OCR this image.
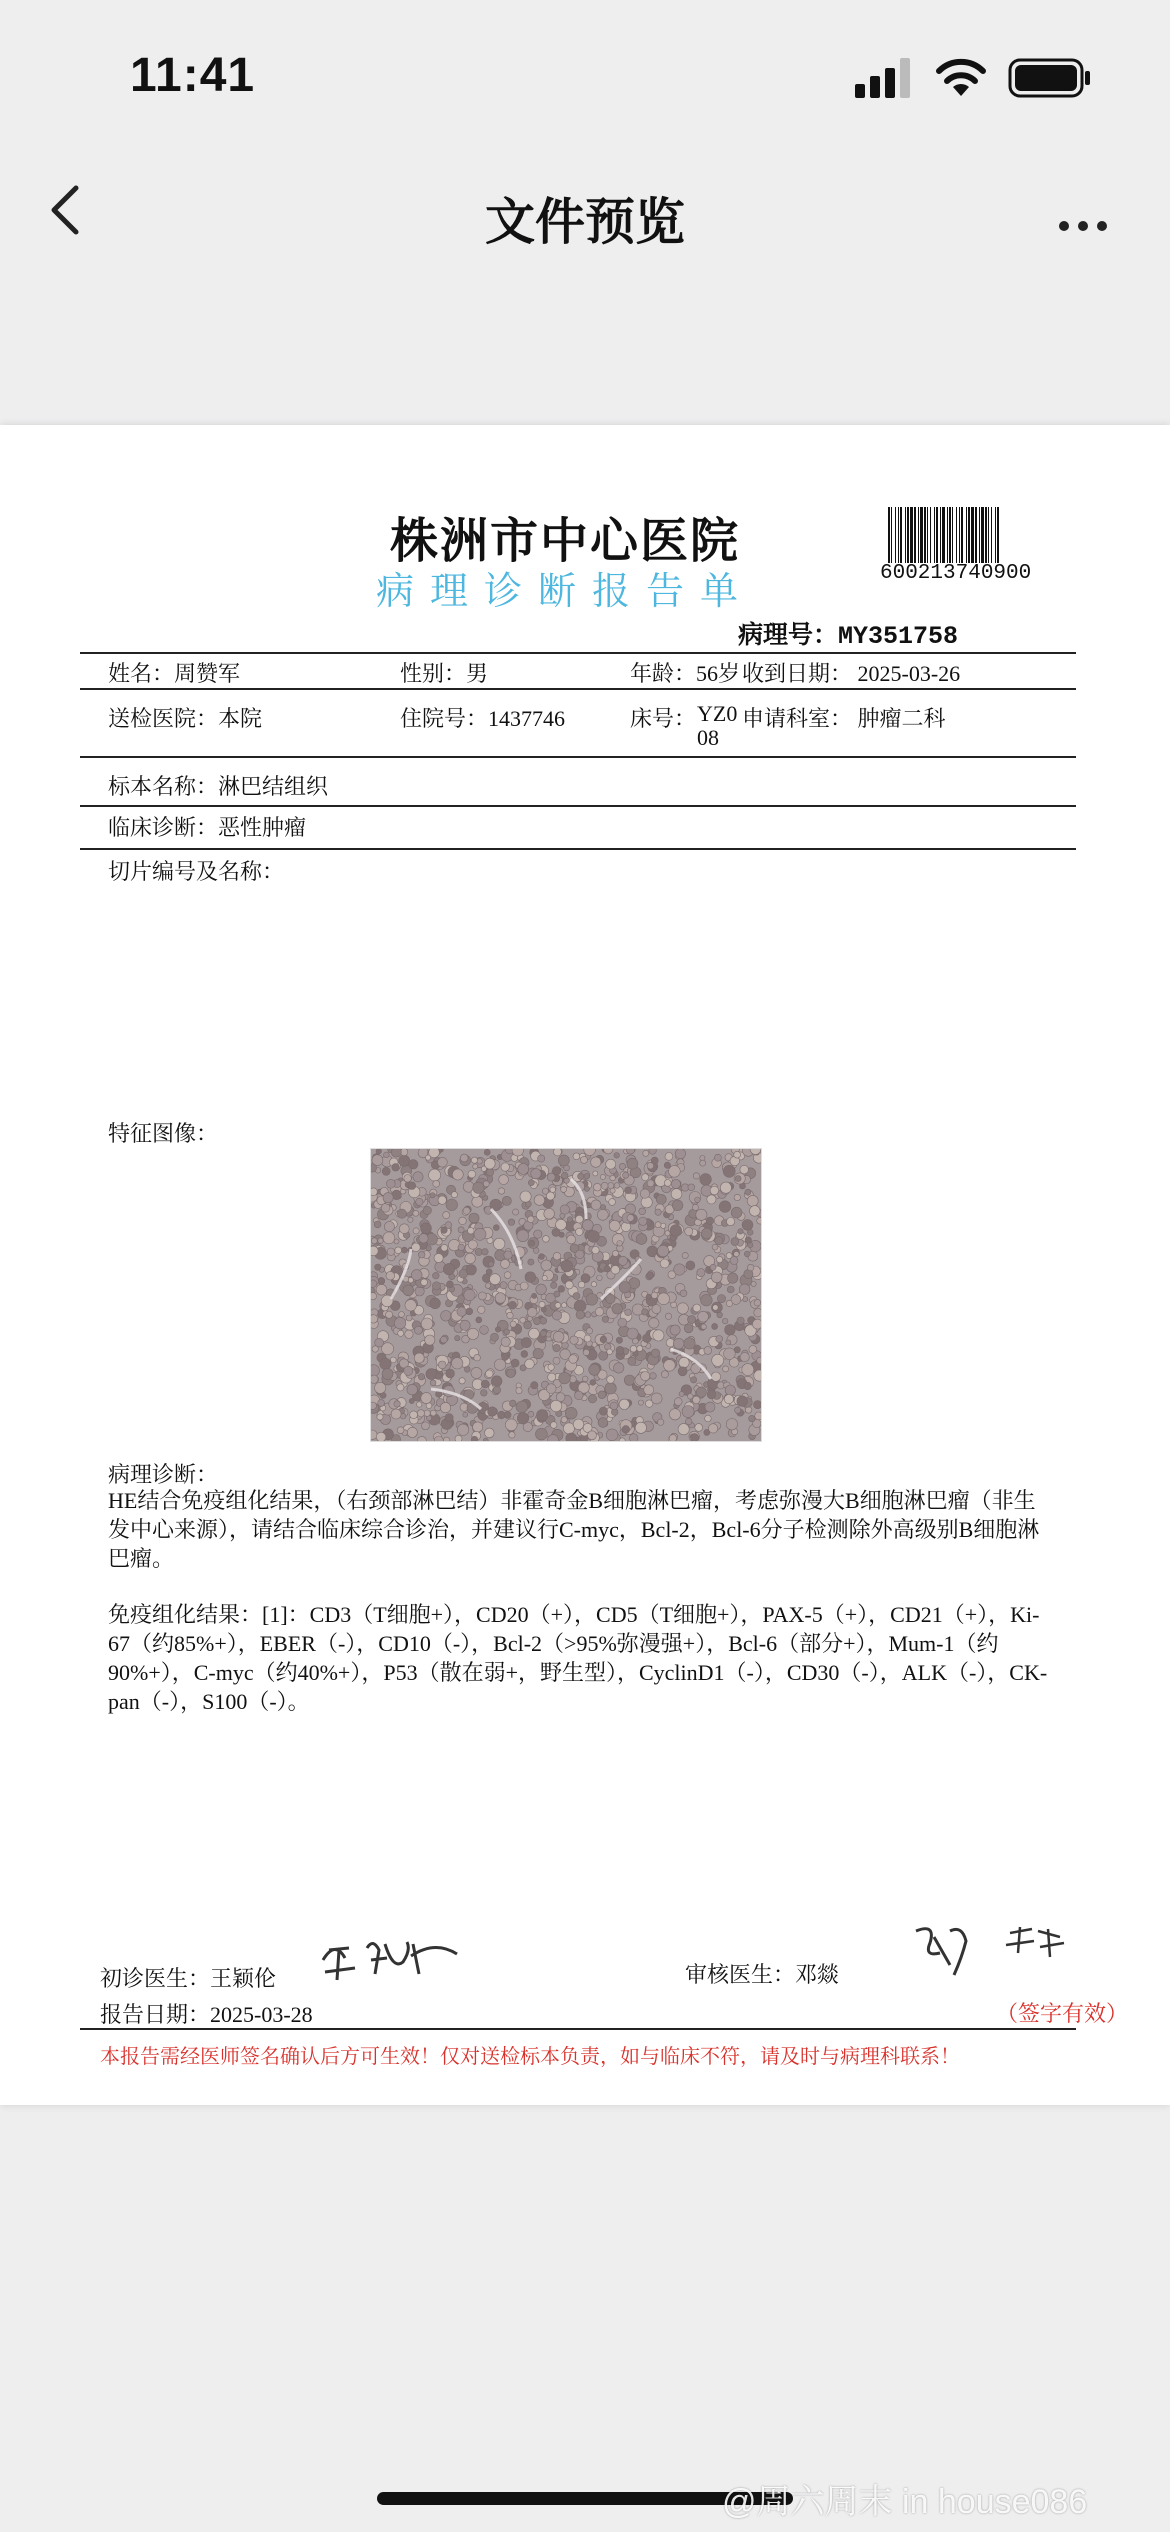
11:41
文件预览
株洲市中心医院
病理诊断报告单	600213740900
病理号：MY351758
姓名：周赞军	性别：男	年龄：56岁 收到日期： 2025-03-26
送检医院：本院	住院号：1437746	床号： YZ008
申请科室： 肿瘤二科
标本名称：淋巴结组织
临床诊断：恶性肿瘤
切片编号及名称：
特征图像：
病理诊断：
HE结合免疫组化结果，（右颈部淋巴结）非霍奇金B细胞淋巴瘤，考虑弥漫大B细胞淋巴瘤（非生发中心来源），请结合临床综合诊治，并建议行C-myc，Bcl-2，Bcl-6分子检测除外高级别B细胞淋巴瘤。
免疫组化结果：[1]：CD3（T细胞+），CD20（+），CD5（T细胞+），PAX-5（+），CD21（+），Ki-67（约85%+），EBER（-），CD10（-），Bcl-2（>95%弥漫强+），Bcl-6（部分+），Mum-1（约90%+），C-myc（约40%+），P53（散在弱+，野生型），CyclinD1（-），CD30（-），ALK（-），CK-pan（-），S100（-）。
初诊医生：王颖伦	审核医生：邓燚
报告日期：2025-03-28	（签字有效）
本报告需经医师签名确认后方可生效！仅对送检标本负责，如与临床不符，请及时与病理科联系！
@周六周末 in house086
